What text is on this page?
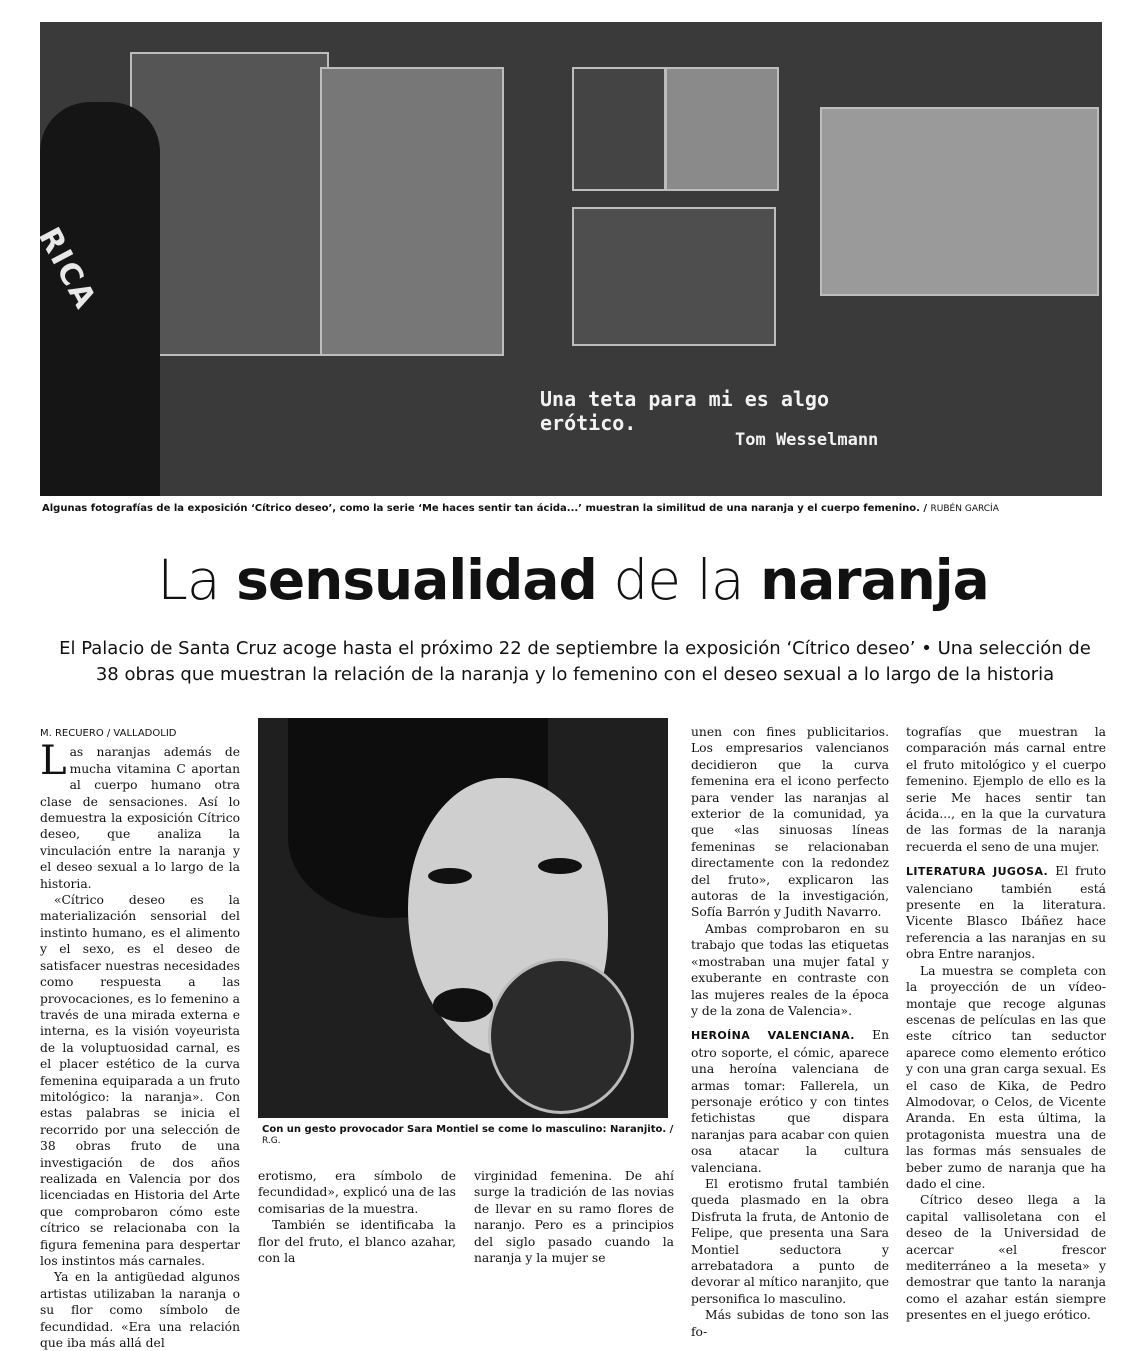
RICA
Una teta para mi es algo erótico.
Tom Wesselmann
Algunas fotografías de la exposición ‘Cítrico deseo’, como la serie ‘Me haces sentir tan ácida...’ muestran la similitud de una naranja y el cuerpo femenino. / RUBÉN GARCÍA
La sensualidad de la naranja
El Palacio de Santa Cruz acoge hasta el próximo 22 de septiembre la exposición ‘Cítrico deseo’ • Una selección de 38 obras que muestran la relación de la naranja y lo femenino con el deseo sexual a lo largo de la historia
M. RECUERO / VALLADOLID

Las naranjas además de mucha vitamina C aportan al cuerpo humano otra clase de sensaciones. Así lo demuestra la exposición Cítrico deseo, que analiza la vinculación entre la naranja y el deseo sexual a lo largo de la historia.

«Cítrico deseo es la materialización sensorial del instinto humano, es el alimento y el sexo, es el deseo de satisfacer nuestras necesidades como respuesta a las provocaciones, es lo femenino a través de una mirada externa e interna, es la visión voyeurista de la voluptuosidad carnal, es el placer estético de la curva femenina equiparada a un fruto mitológico: la naranja». Con estas palabras se inicia el recorrido por una selección de 38 obras fruto de una investigación de dos años realizada en Valencia por dos licenciadas en Historia del Arte que comprobaron cómo este cítrico se relacionaba con la figura femenina para despertar los instintos más carnales.

Ya en la antigüedad algunos artistas utilizaban la naranja o su flor como símbolo de fecundidad. «Era una relación que iba más allá del

Con un gesto provocador Sara Montiel se come lo masculino: Naranjito. / R.G.

erotismo, era símbolo de fecundidad», explicó una de las comisarias de la muestra.

También se identificaba la flor del fruto, el blanco azahar, con la

virginidad femenina. De ahí surge la tradición de las novias de llevar en su ramo flores de naranjo. Pero es a principios del siglo pasado cuando la naranja y la mujer se

unen con fines publicitarios. Los empresarios valencianos decidieron que la curva femenina era el icono perfecto para vender las naranjas al exterior de la comunidad, ya que «las sinuosas líneas femeninas se relacionaban directamente con la redondez del fruto», explicaron las autoras de la investigación, Sofía Barrón y Judith Navarro.

Ambas comprobaron en su trabajo que todas las etiquetas «mostraban una mujer fatal y exuberante en contraste con las mujeres reales de la época y de la zona de Valencia».

HEROÍNA VALENCIANA. En otro soporte, el cómic, aparece una heroína valenciana de armas tomar: Fallerela, un personaje erótico y con tintes fetichistas que dispara naranjas para acabar con quien osa atacar la cultura valenciana.

El erotismo frutal también queda plasmado en la obra Disfruta la fruta, de Antonio de Felipe, que presenta una Sara Montiel seductora y arrebatadora a punto de devorar al mítico naranjito, que personifica lo masculino.

Más subidas de tono son las fo-

tografías que muestran la comparación más carnal entre el fruto mitológico y el cuerpo femenino. Ejemplo de ello es la serie Me haces sentir tan ácida..., en la que la curvatura de las formas de la naranja recuerda el seno de una mujer.

LITERATURA JUGOSA. El fruto valenciano también está presente en la literatura. Vicente Blasco Ibáñez hace referencia a las naranjas en su obra Entre naranjos.

La muestra se completa con la proyección de un vídeo-montaje que recoge algunas escenas de películas en las que este cítrico tan seductor aparece como elemento erótico y con una gran carga sexual. Es el caso de Kika, de Pedro Almodovar, o Celos, de Vicente Aranda. En esta última, la protagonista muestra una de las formas más sensuales de beber zumo de naranja que ha dado el cine.

Cítrico deseo llega a la capital vallisoletana con el deseo de la Universidad de acercar «el frescor mediterráneo a la meseta» y demostrar que tanto la naranja como el azahar están siempre presentes en el juego erótico.
